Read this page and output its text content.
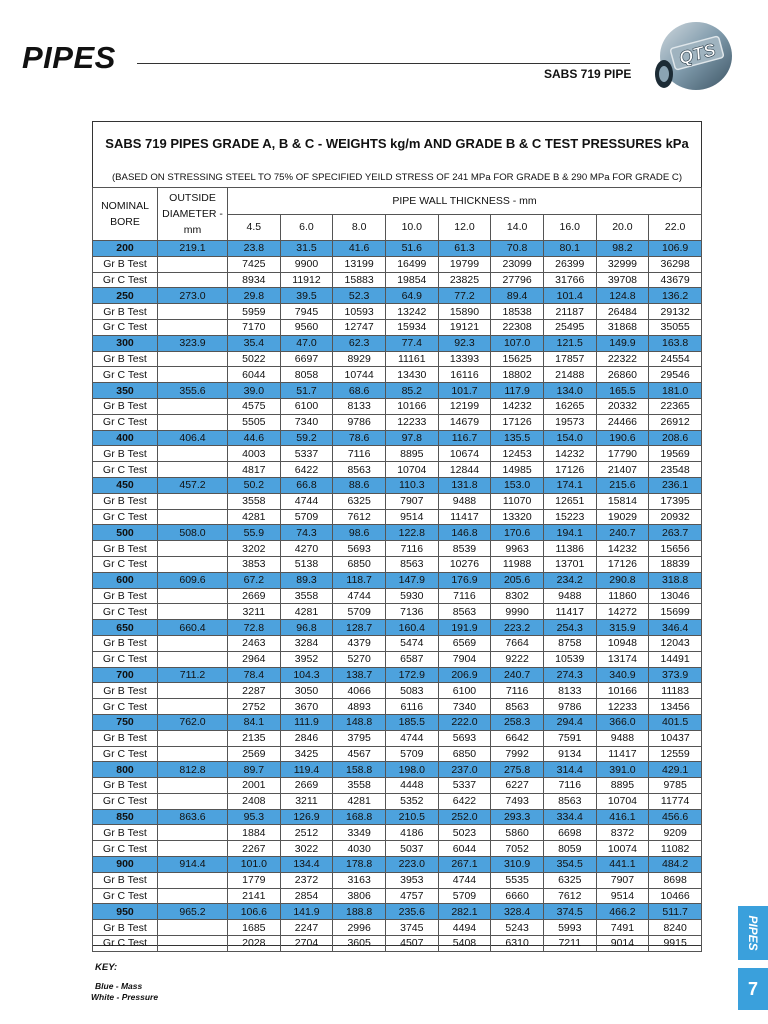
PIPES	SABS 719 PIPE
QTS
SABS 719 PIPES GRADE A, B & C - WEIGHTS kg/m AND GRADE B & C TEST PRESSURES kPa
(BASED ON STRESSING STEEL TO 75% OF SPECIFIED YEILD STRESS OF 241 MPa FOR GRADE B & 290 MPa FOR GRADE C)
NOMINAL BORE	OUTSIDE DIAMETER - mm	PIPE WALL THICKNESS - mm								
		4.5	6.0	8.0	10.0	12.0	14.0	16.0	20.0	22.0
200	219.1	23.8	31.5	41.6	51.6	61.3	70.8	80.1	98.2	106.9
Gr B Test		7425	9900	13199	16499	19799	23099	26399	32999	36298
Gr C Test		8934	11912	15883	19854	23825	27796	31766	39708	43679
250	273.0	29.8	39.5	52.3	64.9	77.2	89.4	101.4	124.8	136.2
Gr B Test		5959	7945	10593	13242	15890	18538	21187	26484	29132
Gr C Test		7170	9560	12747	15934	19121	22308	25495	31868	35055
300	323.9	35.4	47.0	62.3	77.4	92.3	107.0	121.5	149.9	163.8
Gr B Test		5022	6697	8929	11161	13393	15625	17857	22322	24554
Gr C Test		6044	8058	10744	13430	16116	18802	21488	26860	29546
350	355.6	39.0	51.7	68.6	85.2	101.7	117.9	134.0	165.5	181.0
Gr B Test		4575	6100	8133	10166	12199	14232	16265	20332	22365
Gr C Test		5505	7340	9786	12233	14679	17126	19573	24466	26912
400	406.4	44.6	59.2	78.6	97.8	116.7	135.5	154.0	190.6	208.6
Gr B Test		4003	5337	7116	8895	10674	12453	14232	17790	19569
Gr C Test		4817	6422	8563	10704	12844	14985	17126	21407	23548
450	457.2	50.2	66.8	88.6	110.3	131.8	153.0	174.1	215.6	236.1
Gr B Test		3558	4744	6325	7907	9488	11070	12651	15814	17395
Gr C Test		4281	5709	7612	9514	11417	13320	15223	19029	20932
500	508.0	55.9	74.3	98.6	122.8	146.8	170.6	194.1	240.7	263.7
Gr B Test		3202	4270	5693	7116	8539	9963	11386	14232	15656
Gr C Test		3853	5138	6850	8563	10276	11988	13701	17126	18839
600	609.6	67.2	89.3	118.7	147.9	176.9	205.6	234.2	290.8	318.8
Gr B Test		2669	3558	4744	5930	7116	8302	9488	11860	13046
Gr C Test		3211	4281	5709	7136	8563	9990	11417	14272	15699
650	660.4	72.8	96.8	128.7	160.4	191.9	223.2	254.3	315.9	346.4
Gr B Test		2463	3284	4379	5474	6569	7664	8758	10948	12043
Gr C Test		2964	3952	5270	6587	7904	9222	10539	13174	14491
700	711.2	78.4	104.3	138.7	172.9	206.9	240.7	274.3	340.9	373.9
Gr B Test		2287	3050	4066	5083	6100	7116	8133	10166	11183
Gr C Test		2752	3670	4893	6116	7340	8563	9786	12233	13456
750	762.0	84.1	111.9	148.8	185.5	222.0	258.3	294.4	366.0	401.5
Gr B Test		2135	2846	3795	4744	5693	6642	7591	9488	10437
Gr C Test		2569	3425	4567	5709	6850	7992	9134	11417	12559
800	812.8	89.7	119.4	158.8	198.0	237.0	275.8	314.4	391.0	429.1
Gr B Test		2001	2669	3558	4448	5337	6227	7116	8895	9785
Gr C Test		2408	3211	4281	5352	6422	7493	8563	10704	11774
850	863.6	95.3	126.9	168.8	210.5	252.0	293.3	334.4	416.1	456.6
Gr B Test		1884	2512	3349	4186	5023	5860	6698	8372	9209
Gr C Test		2267	3022	4030	5037	6044	7052	8059	10074	11082
900	914.4	101.0	134.4	178.8	223.0	267.1	310.9	354.5	441.1	484.2
Gr B Test		1779	2372	3163	3953	4744	5535	6325	7907	8698
Gr C Test		2141	2854	3806	4757	5709	6660	7612	9514	10466
950	965.2	106.6	141.9	188.8	235.6	282.1	328.4	374.5	466.2	511.7
Gr B Test		1685	2247	2996	3745	4494	5243	5993	7491	8240
Gr C Test		2028	2704	3605	4507	5408	6310	7211	9014	9915
KEY:
Blue - Mass
White - Pressure
PIPES
7
